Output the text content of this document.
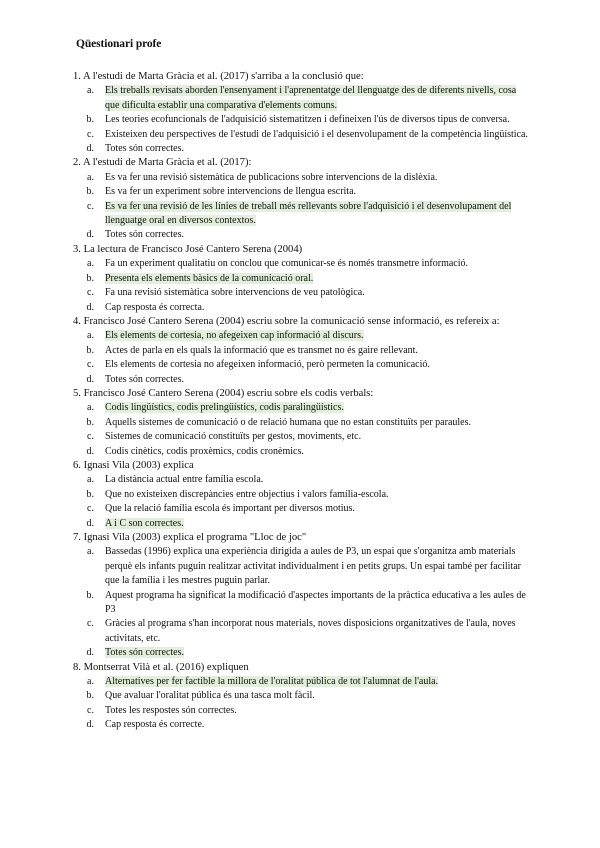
Qüestionari profe
1. A l'estudi de Marta Gràcia et al. (2017) s'arriba a la conclusió que:
a.	Els treballs revisats aborden l'ensenyament i l'aprenentatge del llenguatge des de diferents nivells, cosa que dificulta establir una comparativa d'elements comuns.
b.	Les teories ecofuncionals de l'adquisició sistematitzen i defineixen l'ús de diversos tipus de conversa.
c.	Existeixen deu perspectives de l'estudi de l'adquisició i el desenvolupament de la competència lingüística.
d.	Totes són correctes.
2. A l'estudi de Marta Gràcia et al. (2017):
a.	Es va fer una revisió sistemàtica de publicacions sobre intervencions de la dislèxia.
b.	Es va fer un experiment sobre intervencions de llengua escrita.
c.	Es va fer una revisió de les línies de treball més rellevants sobre l'adquisició i el desenvolupament del llenguatge oral en diversos contextos.
d.	Totes són correctes.
3. La lectura de Francisco José Cantero Serena (2004)
a.	Fa un experiment qualitatiu on conclou que comunicar-se és només transmetre informació.
b.	Presenta els elements bàsics de la comunicació oral.
c.	Fa una revisió sistemàtica sobre intervencions de veu patològica.
d.	Cap resposta és correcta.
4. Francisco José Cantero Serena (2004) escriu sobre la comunicació sense informació, es refereix a:
a.	Els elements de cortesia, no afegeixen cap informació al discurs.
b.	Actes de parla en els quals la informació que es transmet no és gaire rellevant.
c.	Els elements de cortesia no afegeixen informació, però permeten la comunicació.
d.	Totes són correctes.
5. Francisco José Cantero Serena (2004) escriu sobre els codis verbals:
a.	Codis lingüístics, codis prelingüístics, codis paralingüístics.
b.	Aquells sistemes de comunicació o de relació humana que no estan constituïts per paraules.
c.	Sistemes de comunicació constituïts per gestos, moviments, etc.
d.	Codis cinètics, codis proxèmics, codis cronèmics.
6. Ignasi Vila (2003) explica
a.	La distància actual entre família escola.
b.	Que no existeixen discrepàncies entre objectius i valors família-escola.
c.	Que la relació família escola és important per diversos motius.
d.	A i C son correctes.
7. Ignasi Vila (2003) explica el programa "Lloc de joc"
a.	Bassedas (1996) explica una experiència dirigida a aules de P3, un espai que s'organitza amb materials perquè els infants puguin realitzar activitat individualment i en petits grups. Un espai també per facilitar que la família i les mestres puguin parlar.
b.	Aquest programa ha significat la modificació d'aspectes importants de la pràctica educativa a les aules de P3
c.	Gràcies al programa s'han incorporat nous materials, noves disposicions organitzatives de l'aula, noves activitats, etc.
d.	Totes són correctes.
8. Montserrat Vilà et al. (2016) expliquen
a.	Alternatives per fer factible la millora de l'oralitat pública de tot l'alumnat de l'aula.
b.	Que avaluar l'oralitat pública és una tasca molt fàcil.
c.	Totes les respostes són correctes.
d.	Cap resposta és correcte.
